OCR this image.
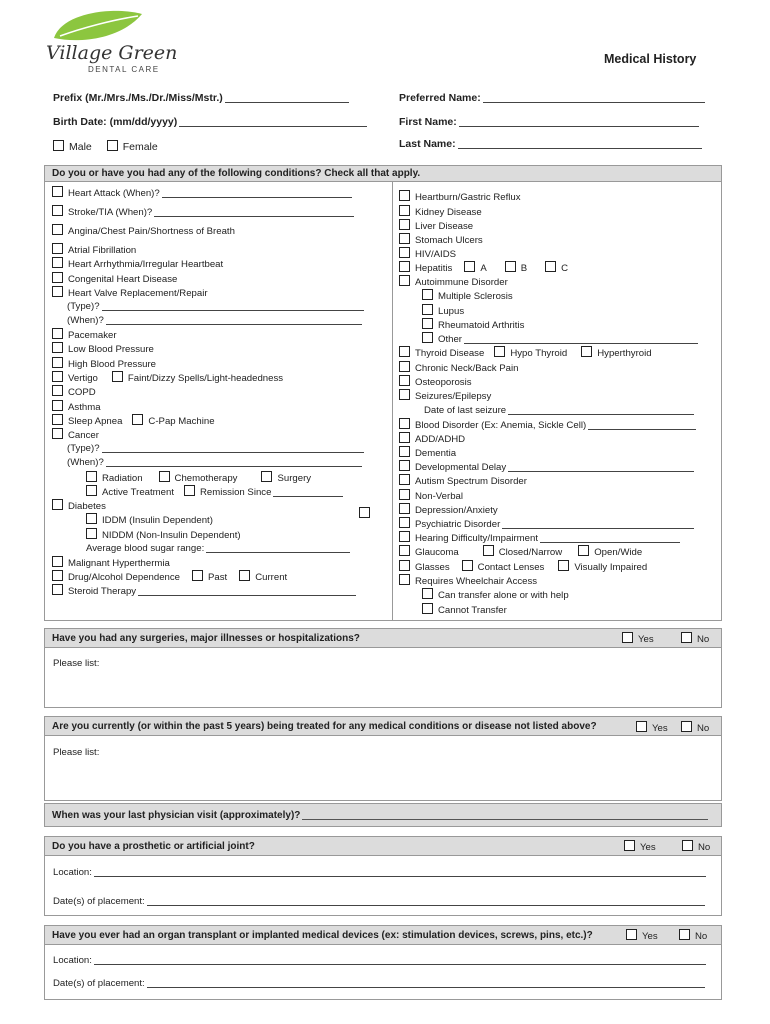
Village Green
DENTAL CARE
Medical History
Prefix (Mr./Mrs./Ms./Dr./Miss/Mstr.)	Preferred Name:
Birth Date: (mm/dd/yyyy)	First Name:
Male	Female	Last Name:
Do you or have you had any of the following conditions? Check all that apply.
Heart Attack (When)?
Stroke/TIA (When)?
Angina/Chest Pain/Shortness of Breath
Atrial Fibrillation
Heart Arrhythmia/Irregular Heartbeat
Congenital Heart Disease
Heart Valve Replacement/Repair
(Type)?
(When)?
Pacemaker
Low Blood Pressure
High Blood Pressure
Vertigo	Faint/Dizzy Spells/Light-headedness
COPD
Asthma
Sleep Apnea	C-Pap Machine
Cancer
(Type)?
(When)?
Radiation	Chemotherapy	Surgery
Active Treatment	Remission Since
Diabetes
IDDM (Insulin Dependent)
NIDDM (Non-Insulin Dependent)
Average blood sugar range:
Malignant Hyperthermia
Drug/Alcohol Dependence	Past	Current
Steroid Therapy
Heartburn/Gastric Reflux
Kidney Disease
Liver Disease
Stomach Ulcers
HIV/AIDS
Hepatitis	A	B	C
Autoimmune Disorder
Multiple Sclerosis
Lupus
Rheumatoid Arthritis
Other
Thyroid Disease	Hypo Thyroid	Hyperthyroid
Chronic Neck/Back Pain
Osteoporosis
Seizures/Epilepsy
Date of last seizure
Blood Disorder (Ex: Anemia, Sickle Cell)
ADD/ADHD
Dementia
Developmental Delay
Autism Spectrum Disorder
Non-Verbal
Depression/Anxiety
Psychiatric Disorder
Hearing Difficulty/Impairment
Glaucoma	Closed/Narrow	Open/Wide
Glasses	Contact Lenses	Visually Impaired
Requires Wheelchair Access
Can transfer alone or with help
Cannot Transfer
Have you had any surgeries, major illnesses or hospitalizations?	Yes	No
Please list:
Are you currently (or within the past 5 years) being treated for any medical conditions or disease not listed above?	Yes	No
Please list:
When was your last physician visit (approximately)?
Do you have a prosthetic or artificial joint?	Yes	No
Location:
Date(s) of placement:
Have you ever had an organ transplant or implanted medical devices (ex: stimulation devices, screws, pins, etc.)?	Yes	No
Location:
Date(s) of placement:
